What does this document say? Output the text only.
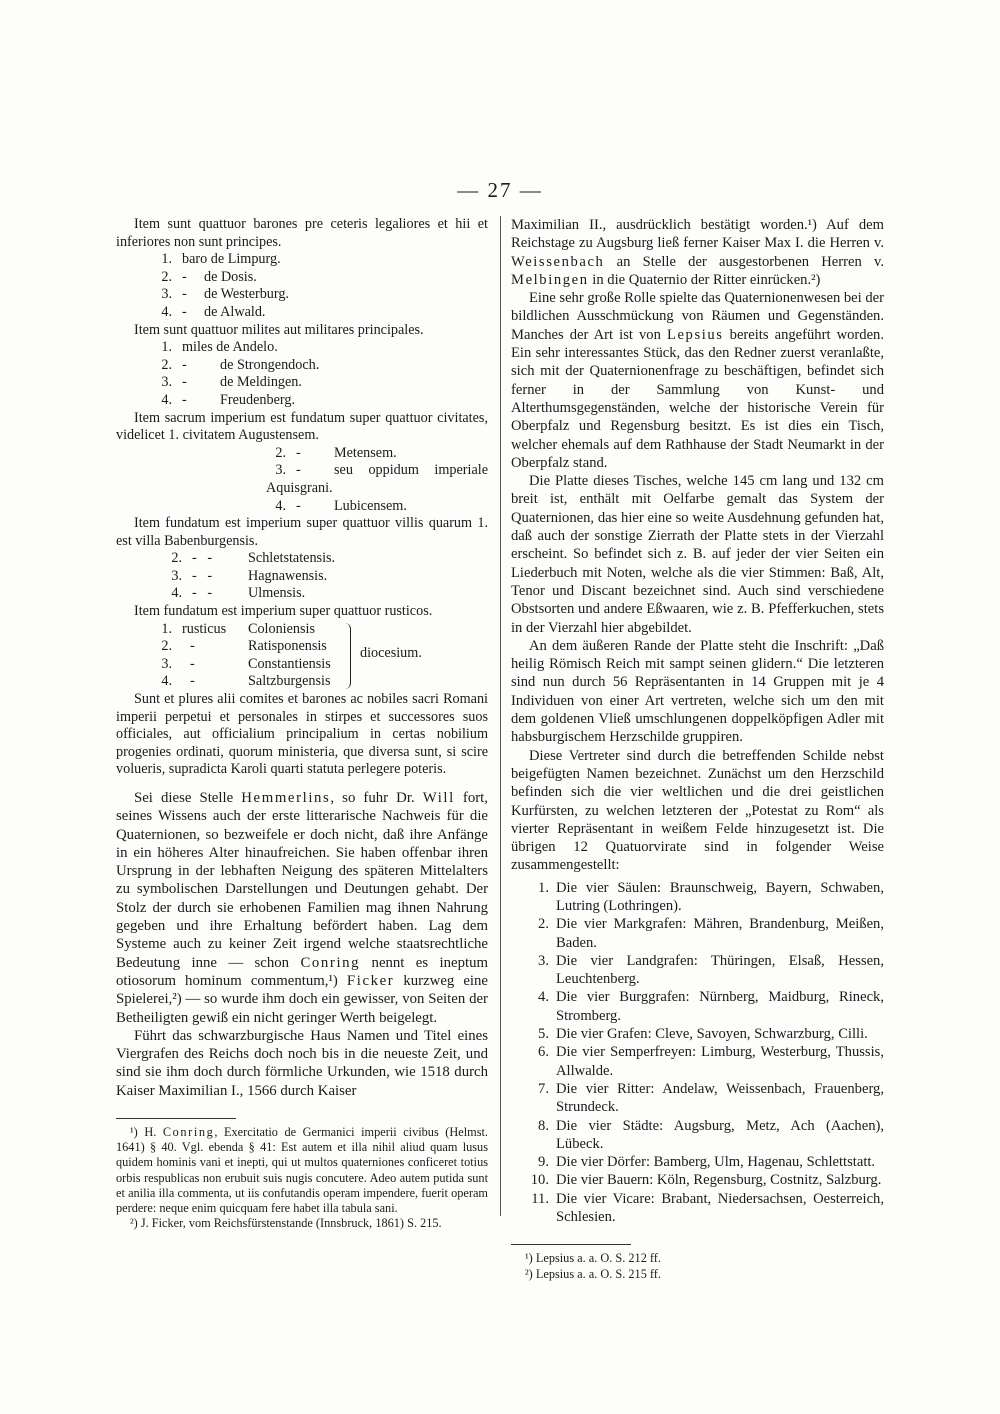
— 27 —

Item sunt quattuor barones pre ceteris legaliores et hii et inferiores non sunt principes.

1. baro de Limpurg.
2. - de Dosis.
3. - de Westerburg.
4. - de Alwald.

Item sunt quattuor milites aut militares principales.

1. miles de Andelo.
2. - de Strongendoch.
3. - de Meldingen.
4. - Freudenberg.

Item sacrum imperium est fundatum super quattuor civitates, videlicet 1. civitatem Augustensem.

2. - Metensem.
3. - seu oppidum imperiale Aquisgrani.
4. - Lubicensem.

Item fundatum est imperium super quattuor villis quarum 1. est villa Babenburgensis.

2. -   -	Schletstatensis.
3. -   -	Hagnawensis.
4. -   -	Ulmensis.

Item fundatum est imperium super quattuor rusticos.

1. rusticus Coloniensis
2. -	Ratisponensis
3. -	Constantiensis
4. -	Saltzburgensis
diocesium.

Sunt et plures alii comites et barones ac nobiles sacri Romani imperii perpetui et personales in stirpes et successores suos officiales, aut officialium principalium in certas nobilium progenies ordinati, quorum ministeria, que diversa sunt, si scire volueris, supradicta Karoli quarti statuta perlegere poteris.

Sei diese Stelle Hemmerlins, so fuhr Dr. Will fort, seines Wissens auch der erste litterarische Nachweis für die Quaternionen, so bezweifele er doch nicht, daß ihre Anfänge in ein höheres Alter hinaufreichen. Sie haben offenbar ihren Ursprung in der lebhaften Neigung des späteren Mittelalters zu symbolischen Darstellungen und Deutungen gehabt. Der Stolz der durch sie erhobenen Familien mag ihnen Nahrung gegeben und ihre Erhaltung befördert haben. Lag dem Systeme auch zu keiner Zeit irgend welche staatsrechtliche Bedeutung inne — schon Conring nennt es ineptum otiosorum hominum commentum,¹) Ficker kurzweg eine Spielerei,²) — so wurde ihm doch ein gewisser, von Seiten der Betheiligten gewiß ein nicht geringer Werth beigelegt.

Führt das schwarzburgische Haus Namen und Titel eines Viergrafen des Reichs doch noch bis in die neueste Zeit, und sind sie ihm doch durch förmliche Urkunden, wie 1518 durch Kaiser Maximilian I., 1566 durch Kaiser

¹) H. Conring, Exercitatio de Germanici imperii civibus (Helmst. 1641) § 40. Vgl. ebenda § 41: Est autem et illa nihil aliud quam lusus quidem hominis vani et inepti, qui ut multos quaterniones conficeret totius orbis respublicas non erubuit suis nugis concutere. Adeo autem putida sunt et anilia illa commenta, ut iis confutandis operam impendere, fuerit operam perdere: neque enim quicquam fere habet illa tabula sani.

²) J. Ficker, vom Reichsfürstenstande (Innsbruck, 1861) S. 215.

Maximilian II., ausdrücklich bestätigt worden.¹) Auf dem Reichstage zu Augsburg ließ ferner Kaiser Max I. die Herren v. Weissenbach an Stelle der ausgestorbenen Herren v. Melbingen in die Quaternio der Ritter einrücken.²)

Eine sehr große Rolle spielte das Quaternionenwesen bei der bildlichen Ausschmückung von Räumen und Gegenständen. Manches der Art ist von Lepsius bereits angeführt worden. Ein sehr interessantes Stück, das den Redner zuerst veranlaßte, sich mit der Quaternionenfrage zu beschäftigen, befindet sich ferner in der Sammlung von Kunst- und Alterthumsgegenständen, welche der historische Verein für Oberpfalz und Regensburg besitzt. Es ist dies ein Tisch, welcher ehemals auf dem Rathhause der Stadt Neumarkt in der Oberpfalz stand.

Die Platte dieses Tisches, welche 145 cm lang und 132 cm breit ist, enthält mit Oelfarbe gemalt das System der Quaternionen, das hier eine so weite Ausdehnung gefunden hat, daß auch der sonstige Zierrath der Platte stets in der Vierzahl erscheint. So befindet sich z. B. auf jeder der vier Seiten ein Liederbuch mit Noten, welche als die vier Stimmen: Baß, Alt, Tenor und Discant bezeichnet sind. Auch sind verschiedene Obstsorten und andere Eßwaaren, wie z. B. Pfefferkuchen, stets in der Vierzahl hier abgebildet.

An dem äußeren Rande der Platte steht die Inschrift: „Daß heilig Römisch Reich mit sampt seinen glidern.“ Die letzteren sind nun durch 56 Repräsentanten in 14 Gruppen mit je 4 Individuen von einer Art vertreten, welche sich um den mit dem goldenen Vließ umschlungenen doppelköpfigen Adler mit habsburgischem Herzschilde gruppiren.

Diese Vertreter sind durch die betreffenden Schilde nebst beigefügten Namen bezeichnet. Zunächst um den Herzschild befinden sich die vier weltlichen und die drei geistlichen Kurfürsten, zu welchen letzteren der „Potestat zu Rom“ als vierter Repräsentant in weißem Felde hinzugesetzt ist. Die übrigen 12 Quatuorvirate sind in folgender Weise zusammengestellt:

1. Die vier Säulen: Braunschweig, Bayern, Schwaben, Lutring (Lothringen).
2. Die vier Markgrafen: Mähren, Brandenburg, Meißen, Baden.
3. Die vier Landgrafen: Thüringen, Elsaß, Hessen, Leuchtenberg.
4. Die vier Burggrafen: Nürnberg, Maidburg, Rineck, Stromberg.
5. Die vier Grafen: Cleve, Savoyen, Schwarzburg, Cilli.
6. Die vier Semperfreyen: Limburg, Westerburg, Thussis, Allwalde.
7. Die vier Ritter: Andelaw, Weissenbach, Frauenberg, Strundeck.
8. Die vier Städte: Augsburg, Metz, Ach (Aachen), Lübeck.
9. Die vier Dörfer: Bamberg, Ulm, Hagenau, Schlettstatt.
10. Die vier Bauern: Köln, Regensburg, Costnitz, Salzburg.
11. Die vier Vicare: Brabant, Niedersachsen, Oesterreich, Schlesien.

¹) Lepsius a. a. O. S. 212 ff.

²) Lepsius a. a. O. S. 215 ff.
